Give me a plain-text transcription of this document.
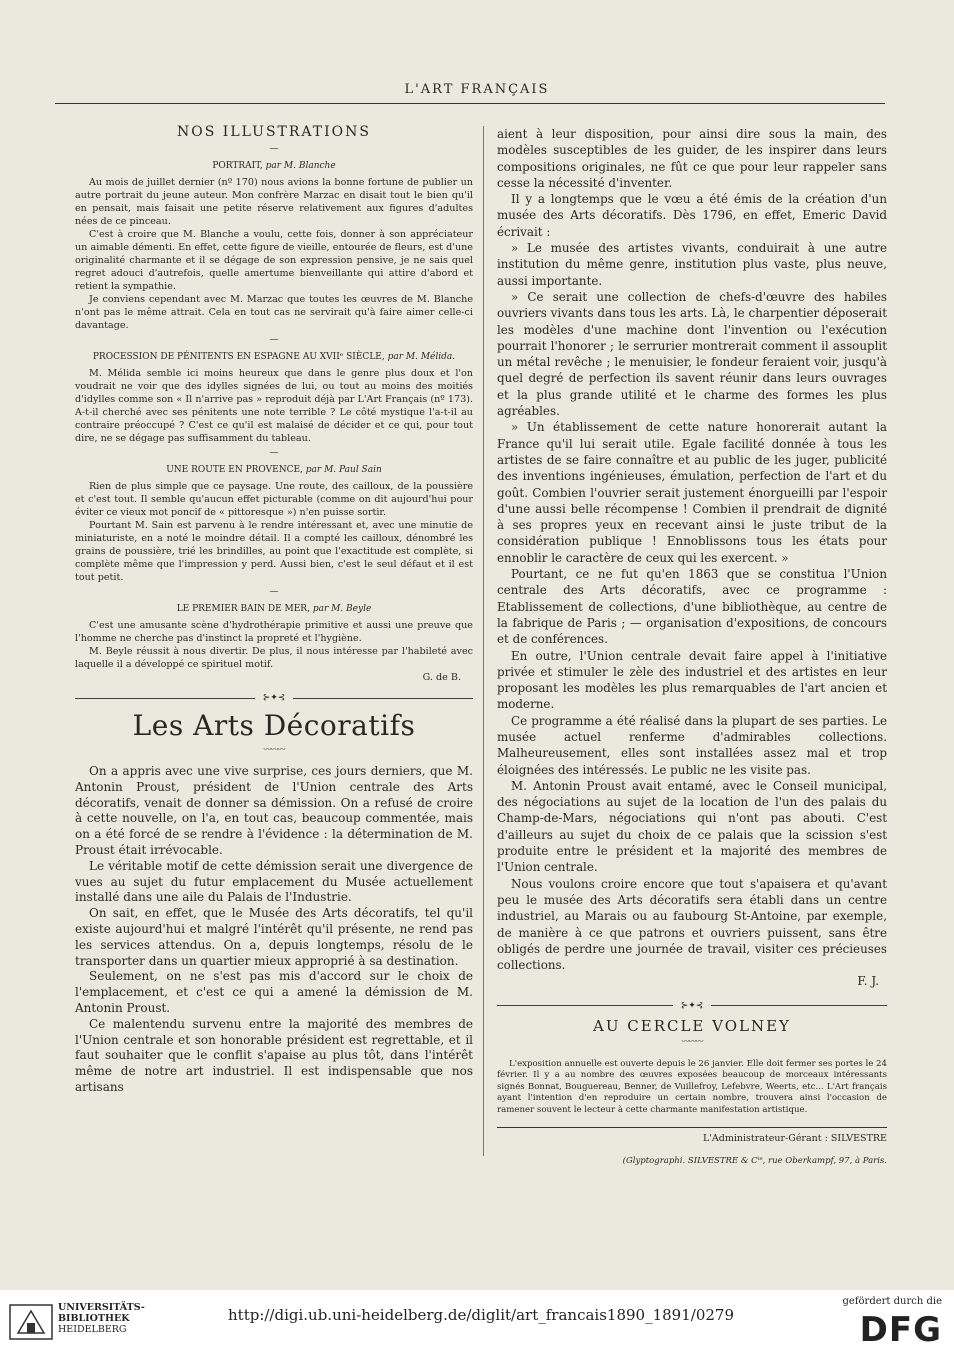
L'ART FRANÇAIS
NOS ILLUSTRATIONS
—
PORTRAIT, par M. Blanche

Au mois de juillet dernier (nº 170) nous avions la bonne fortune de publier un autre portrait du jeune auteur. Mon confrère Marzac en disait tout le bien qu'il en pensait, mais faisait une petite réserve relativement aux figures d'adultes nées de ce pinceau.

C'est à croire que M. Blanche a voulu, cette fois, donner à son appréciateur un aimable démenti. En effet, cette figure de vieille, entourée de fleurs, est d'une originalité charmante et il se dégage de son expression pensive, je ne sais quel regret adouci d'autrefois, quelle amertume bienveillante qui attire d'abord et retient la sympathie.

Je conviens cependant avec M. Marzac que toutes les œuvres de M. Blanche n'ont pas le même attrait. Cela en tout cas ne servirait qu'à faire aimer celle-ci davantage.

—
PROCESSION DE PÉNITENTS EN ESPAGNE AU XVIIᵉ SIÈCLE, par M. Mélida.

M. Mélida semble ici moins heureux que dans le genre plus doux et l'on voudrait ne voir que des idylles signées de lui, ou tout au moins des moitiés d'idylles comme son « Il n'arrive pas » reproduit déjà par L'Art Français (nº 173). A-t-il cherché avec ses pénitents une note terrible ? Le côté mystique l'a-t-il au contraire préoccupé ? C'est ce qu'il est malaisé de décider et ce qui, pour tout dire, ne se dégage pas suffisamment du tableau.

—
UNE ROUTE EN PROVENCE, par M. Paul Sain

Rien de plus simple que ce paysage. Une route, des cailloux, de la poussière et c'est tout. Il semble qu'aucun effet picturable (comme on dit aujourd'hui pour éviter ce vieux mot poncif de « pittoresque ») n'en puisse sortir.

Pourtant M. Sain est parvenu à le rendre intéressant et, avec une minutie de miniaturiste, en a noté le moindre détail. Il a compté les cailloux, dénombré les grains de poussière, trié les brindilles, au point que l'exactitude est complète, si complète même que l'impression y perd. Aussi bien, c'est le seul défaut et il est tout petit.

—
LE PREMIER BAIN DE MER, par M. Beyle

C'est une amusante scène d'hydrothérapie primitive et aussi une preuve que l'homme ne cherche pas d'instinct la propreté et l'hygiène.

M. Beyle réussit à nous divertir. De plus, il nous intéresse par l'habileté avec laquelle il a développé ce spirituel motif.

G. de B.
⊱✦⊰
Les Arts Décoratifs
〰〰〰

On a appris avec une vive surprise, ces jours derniers, que M. Antonin Proust, président de l'Union centrale des Arts décoratifs, venait de donner sa démission. On a refusé de croire à cette nouvelle, on l'a, en tout cas, beaucoup commentée, mais on a été forcé de se rendre à l'évidence : la détermination de M. Proust était irrévocable.

Le véritable motif de cette démission serait une divergence de vues au sujet du futur emplacement du Musée actuellement installé dans une aile du Palais de l'Industrie.

On sait, en effet, que le Musée des Arts décoratifs, tel qu'il existe aujourd'hui et malgré l'intérêt qu'il présente, ne rend pas les services attendus. On a, depuis longtemps, résolu de le transporter dans un quartier mieux approprié à sa destination.

Seulement, on ne s'est pas mis d'accord sur le choix de l'emplacement, et c'est ce qui a amené la démission de M. Antonin Proust.

Ce malentendu survenu entre la majorité des membres de l'Union centrale et son honorable président est regrettable, et il faut souhaiter que le conflit s'apaise au plus tôt, dans l'intérêt même de notre art industriel. Il est indispensable que nos artisans

aient à leur disposition, pour ainsi dire sous la main, des modèles susceptibles de les guider, de les inspirer dans leurs compositions originales, ne fût ce que pour leur rappeler sans cesse la nécessité d'inventer.

Il y a longtemps que le vœu a été émis de la création d'un musée des Arts décoratifs. Dès 1796, en effet, Emeric David écrivait :

» Le musée des artistes vivants, conduirait à une autre institution du même genre, institution plus vaste, plus neuve, aussi importante.

» Ce serait une collection de chefs-d'œuvre des habiles ouvriers vivants dans tous les arts. Là, le charpentier déposerait les modèles d'une machine dont l'invention ou l'exécution pourrait l'honorer ; le serrurier montrerait comment il assouplit un métal revêche ; le menuisier, le fondeur feraient voir, jusqu'à quel degré de perfection ils savent réunir dans leurs ouvrages et la plus grande utilité et le charme des formes les plus agréables.

» Un établissement de cette nature honorerait autant la France qu'il lui serait utile. Egale facilité donnée à tous les artistes de se faire connaître et au public de les juger, publicité des inventions ingénieuses, émulation, perfection de l'art et du goût. Combien l'ouvrier serait justement énorgueilli par l'espoir d'une aussi belle récompense ! Combien il prendrait de dignité à ses propres yeux en recevant ainsi le juste tribut de la considération publique ! Ennoblissons tous les états pour ennoblir le caractère de ceux qui les exercent. »

Pourtant, ce ne fut qu'en 1863 que se constitua l'Union centrale des Arts décoratifs, avec ce programme : Etablissement de collections, d'une bibliothèque, au centre de la fabrique de Paris ; — organisation d'expositions, de concours et de conférences.

En outre, l'Union centrale devait faire appel à l'initiative privée et stimuler le zèle des industriel et des artistes en leur proposant les modèles les plus remarquables de l'art ancien et moderne.

Ce programme a été réalisé dans la plupart de ses parties. Le musée actuel renferme d'admirables collections. Malheureusement, elles sont installées assez mal et trop éloignées des intéressés. Le public ne les visite pas.

M. Antonin Proust avait entamé, avec le Conseil municipal, des négociations au sujet de la location de l'un des palais du Champ-de-Mars, négociations qui n'ont pas abouti. C'est d'ailleurs au sujet du choix de ce palais que la scission s'est produite entre le président et la majorité des membres de l'Union centrale.

Nous voulons croire encore que tout s'apaisera et qu'avant peu le musée des Arts décoratifs sera établi dans un centre industriel, au Marais ou au faubourg St-Antoine, par exemple, de manière à ce que patrons et ouvriers puissent, sans être obligés de perdre une journée de travail, visiter ces précieuses collections.

F. J.
⊱✦⊰
AU CERCLE VOLNEY
〰〰〰

L'exposition annuelle est ouverte depuis le 26 janvier. Elle doit fermer ses portes le 24 février. Il y a au nombre des œuvres exposées beaucoup de morceaux intéressants signés Bonnat, Bouguereau, Benner, de Vuillefroy, Lefebvre, Weerts, etc... L'Art français ayant l'intention d'en reproduire un certain nombre, trouvera ainsi l'occasion de ramener souvent le lecteur à cette charmante manifestation artistique.

L'Administrateur-Gérant : SILVESTRE
(Glyptographi. SILVESTRE & Cⁱᵉ, rue Oberkampf, 97, à Paris.
UNIVERSITÄTS-
BIBLIOTHEK
HEIDELBERG
http://digi.ub.uni-heidelberg.de/diglit/art_francais1890_1891/0279
gefördert durch die
DFG
